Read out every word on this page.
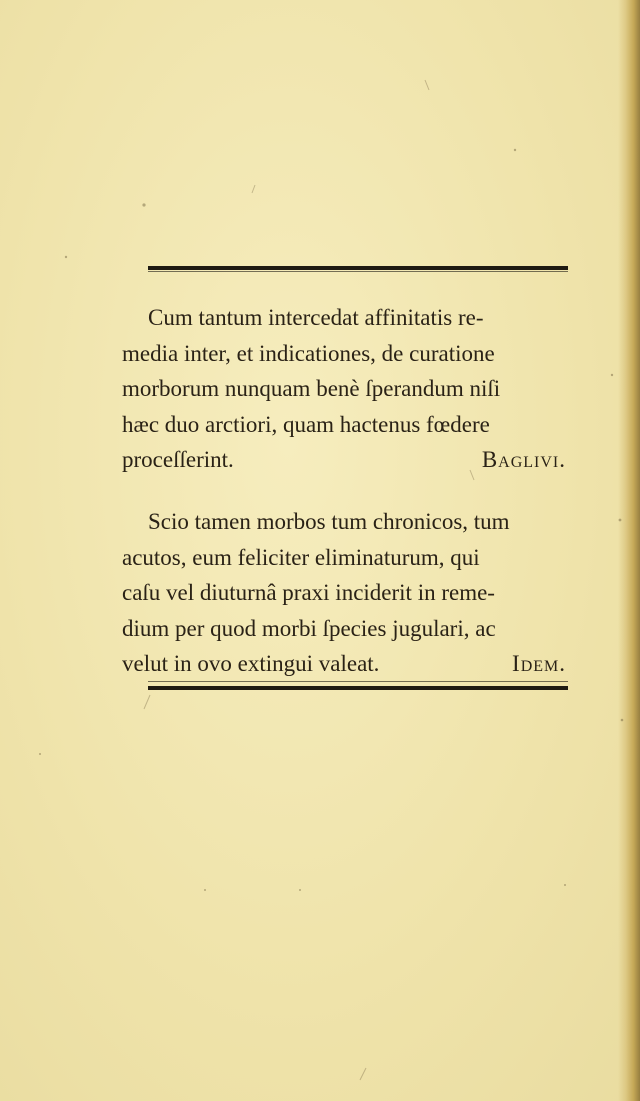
Cum tantum intercedat affinitatis re-
media inter, et indicationes, de curatione
morborum nunquam benè ſperandum niſi
hæc duo arctiori, quam hactenus fœdere
proceſſerint.	Baglivi.
Scio tamen morbos tum chronicos, tum
acutos, eum feliciter eliminaturum, qui
caſu vel diuturnâ praxi inciderit in reme-
dium per quod morbi ſpecies jugulari, ac
velut in ovo extingui valeat.	Idem.
